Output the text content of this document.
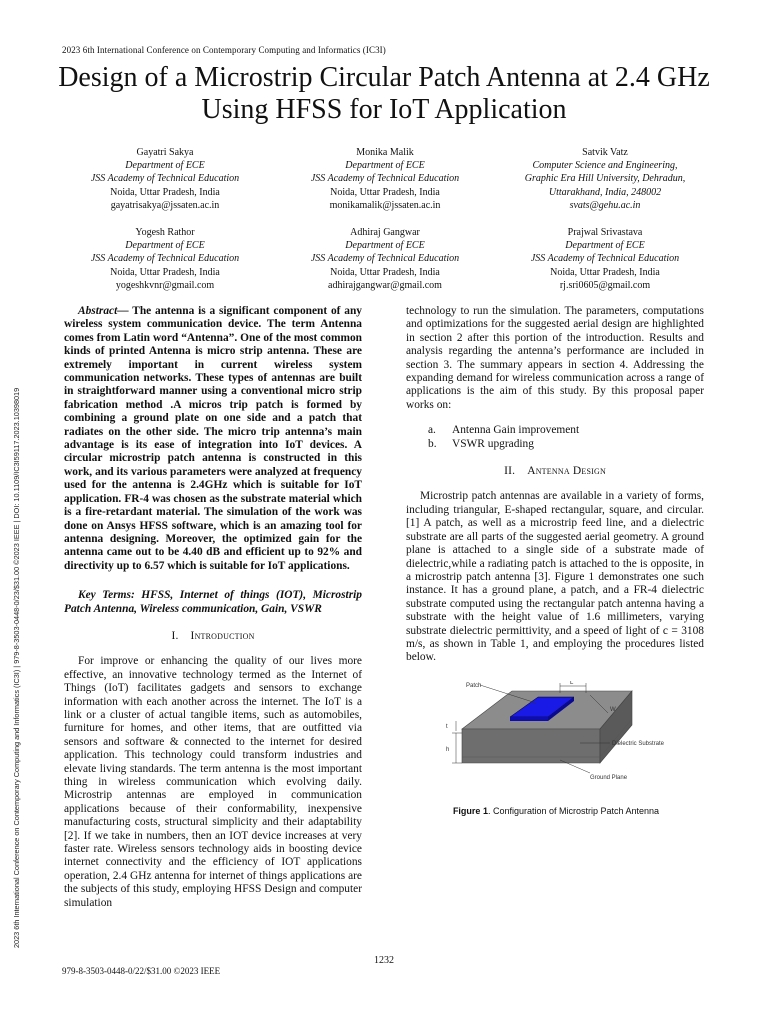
2023 6th International Conference on Contemporary Computing and Informatics (IC3I)
Design of a Microstrip Circular Patch Antenna at 2.4 GHz Using HFSS for IoT Application
Gayatri Sakya
Department of ECE
JSS Academy of Technical Education
Noida, Uttar Pradesh, India
gayatrisakya@jssaten.ac.in
Monika Malik
Department of ECE
JSS Academy of Technical Education
Noida, Uttar Pradesh, India
monikamalik@jssaten.ac.in
Satvik Vatz
Computer Science and Engineering,
Graphic Era Hill University, Dehradun,
Uttarakhand, India, 248002
svats@gehu.ac.in
Yogesh Rathor
Department of ECE
JSS Academy of Technical Education
Noida, Uttar Pradesh, India
yogeshkvnr@gmail.com
Adhiraj Gangwar
Department of ECE
JSS Academy of Technical Education
Noida, Uttar Pradesh, India
adhirajgangwar@gmail.com
Prajwal Srivastava
Department of ECE
JSS Academy of Technical Education
Noida, Uttar Pradesh, India
rj.sri0605@gmail.com
2023 6th International Conference on Contemporary Computing and Informatics (IC3I) | 979-8-3503-0448-0/23/$31.00 ©2023 IEEE | DOI: 10.1109/IC3I59117.2023.10398019

Abstract— The antenna is a significant component of any wireless system communication device. The term Antenna comes from Latin word “Antenna”. One of the most common kinds of printed Antenna is micro strip antenna. These are extremely important in current wireless system communication networks. These types of antennas are built in straightforward manner using a conventional micro strip fabrication method .A micros trip patch is formed by combining a ground plate on one side and a patch that radiates on the other side. The micro trip antenna’s main advantage is its ease of integration into IoT devices. A circular microstrip patch antenna is constructed in this work, and its various parameters were analyzed at frequency used for the antenna is 2.4GHz which is suitable for IoT application. FR-4 was chosen as the substrate material which is a fire-retardant material. The simulation of the work was done on Ansys HFSS software, which is an amazing tool for antenna designing. Moreover, the optimized gain for the antenna came out to be 4.40 dB and efficient up to 92% and directivity up to 6.57 which is suitable for IoT applications.

Key Terms: HFSS, Internet of things (IOT), Microstrip Patch Antenna, Wireless communication, Gain, VSWR

I. Introduction

For improve or enhancing the quality of our lives more effective, an innovative technology termed as the Internet of Things (IoT) facilitates gadgets and sensors to exchange information with each another across the internet. The IoT is a link or a cluster of actual tangible items, such as automobiles, furniture for homes, and other items, that are outfitted via sensors and software & connected to the internet for desired application. This technology could transform industries and elevate living standards. The term antenna is the most important thing in wireless communication which evolving daily. Microstrip antennas are employed in communication applications because of their conformability, inexpensive manufacturing costs, structural simplicity and their adaptability [2]. If we take in numbers, then an IOT device increases at very faster rate. Wireless sensors technology aids in boosting device internet connectivity and the efficiency of IOT applications operation, 2.4 GHz antenna for internet of things applications are the subjects of this study, employing HFSS Design and computer simulation

technology to run the simulation. The parameters, computations and optimizations for the suggested aerial design are highlighted in section 2 after this portion of the introduction. Results and analysis regarding the antenna’s performance are included in section 3. The summary appears in section 4. Addressing the expanding demand for wireless communication across a range of applications is the aim of this study. By this proposal paper works on:

a.	Antenna Gain improvement
b.	VSWR upgrading
II. Antenna Design

Microstrip patch antennas are available in a variety of forms, including triangular, E-shaped rectangular, square, and circular.[1] A patch, as well as a microstrip feed line, and a dielectric substrate are all parts of the suggested aerial geometry. A ground plane is attached to a single side of a substrate made of dielectric,while a radiating patch is attached to the is opposite, in a microstrip patch antenna [3]. Figure 1 demonstrates one such instance. It has a ground plane, a patch, and a FR-4 dielectric substrate computed using the rectangular patch antenna having a substrate with the height value of 1.6 millimeters, varying substrate dielectric permittivity, and a speed of light of c = 3108 m/s, as shown in Table 1, and employing the procedures listed below.

Patch	L
W
t
h
Dielectric Substrate
Ground Plane
Figure 1. Configuration of Microstrip Patch Antenna
1232
979-8-3503-0448-0/22/$31.00 ©2023 IEEE
